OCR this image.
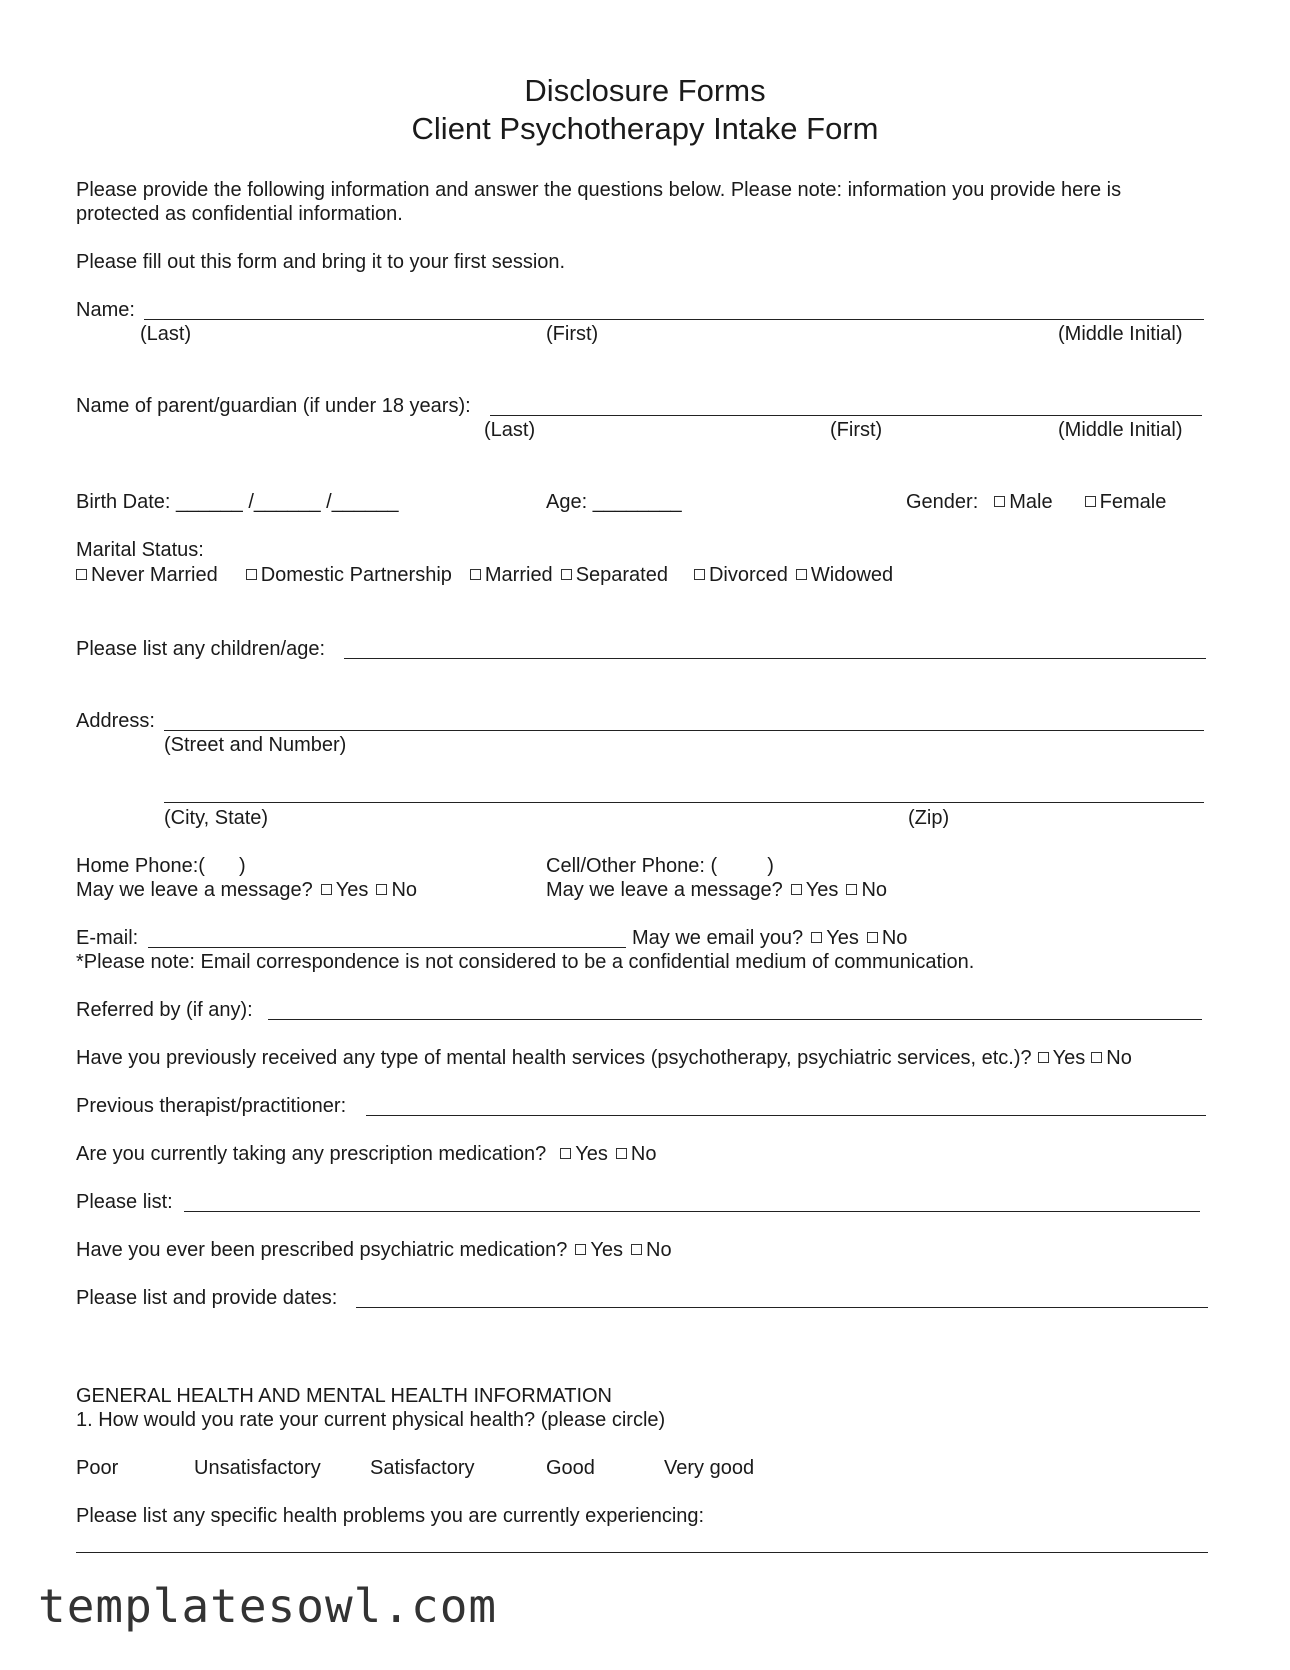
Disclosure Forms
Client Psychotherapy Intake Form
Please provide the following information and answer the questions below. Please note: information you provide here is
protected as confidential information.
Please fill out this form and bring it to your first session.
Name:
(Last)	(First)	(Middle Initial)
Name of parent/guardian (if under 18 years):
(Last)	(First)	(Middle Initial)
Birth Date: ______ /______ /______	Age: ________	Gender: Male Female
Marital Status:
Never Married Domestic Partnership Married Separated Divorced Widowed
Please list any children/age:
Address:
(Street and Number)
(City, State)	(Zip)
Home Phone:( )
May we leave a message? Yes No
Cell/Other Phone: (	)
May we leave a message? Yes No
E-mail:	May we email you? Yes No
*Please note: Email correspondence is not considered to be a confidential medium of communication.
Referred by (if any):
Have you previously received any type of mental health services (psychotherapy, psychiatric services, etc.)? Yes No
Previous therapist/practitioner:
Are you currently taking any prescription medication? Yes No
Please list:
Have you ever been prescribed psychiatric medication? Yes No
Please list and provide dates:
GENERAL HEALTH AND MENTAL HEALTH INFORMATION
1. How would you rate your current physical health? (please circle)
Poor	Unsatisfactory Satisfactory	Good	Very good
Please list any specific health problems you are currently experiencing:
templatesowl.com
